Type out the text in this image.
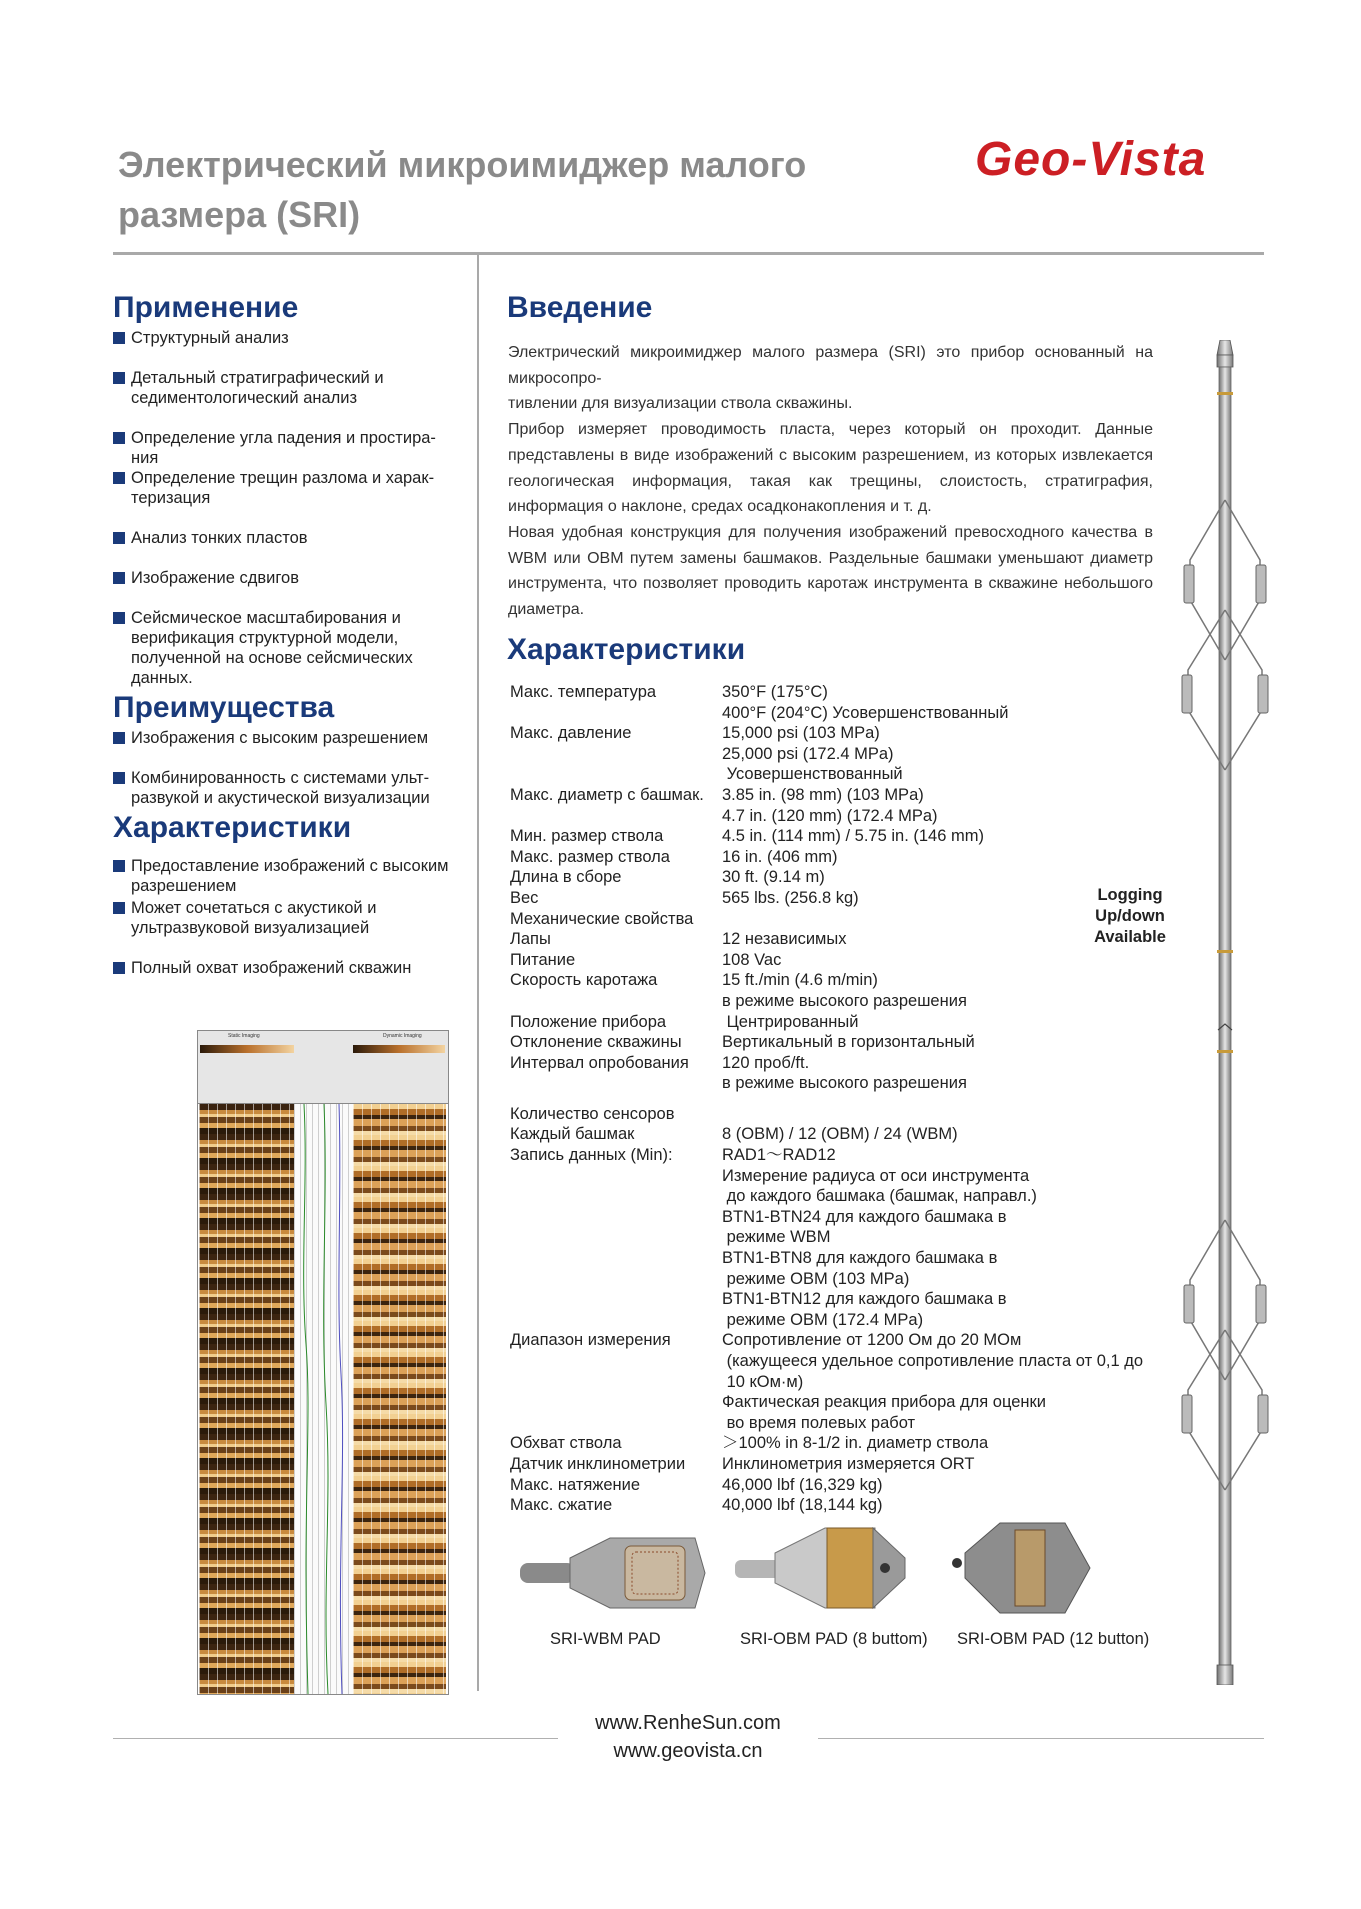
Электрический микроимиджер малого
размера (SRI)
Geo-Vista
Применение
Структурный анализ
Детальный стратиграфический и седиментологический анализ
Определение угла падения и простира-
ния
Определение трещин разлома и харак-
теризация
Анализ тонких пластов
Изображение сдвигов
Сейсмическое масштабирования и верификация структурной модели, полученной на основе сейсмических данных.
Преимущества
Изображения с высоким разрешением
Комбинированность с системами ульт-
развукой и акустической визуализации
Характеристики
Предоставление изображений с высоким разрешением
Может сочетаться с акустикой и ультразвуковой визуализацией
Полный охват изображений скважин
Static Imaging	Dynamic Imaging
Введение

Электрический микроимиджер малого размера (SRI) это прибор основанный на микросопро-
тивлении для визуализации ствола скважины.
Прибор измеряет проводимость пласта, через который он проходит. Данные представлены в виде изображений с высоким разрешением, из которых извлекается геологическая информация, такая как трещины, слоистость, стратиграфия, информация о наклоне, средах осадконакопления и т. д.
Новая удобная конструкция для получения изображений превосходного качества в WBM или OBM путем замены башмаков. Раздельные башмаки уменьшают диаметр инструмента, что позволяет проводить каротаж инструмента в скважине небольшого диаметра.

Характеристики
Макс. температура	350°F (175°C)
400°F (204°C) Усовершенствованный
Макс. давление	15,000 psi (103 MPa)
25,000 psi (172.4 MPa)
Усовершенствованный
Макс. диаметр с башмак.	3.85 in. (98 mm) (103 MPa)
4.7 in. (120 mm) (172.4 MPa)
Мин. размер ствола	4.5 in. (114 mm) / 5.75 in. (146 mm)
Макс. размер ствола	16 in. (406 mm)
Длина в сборе	30 ft. (9.14 m)
Вес	565 lbs. (256.8 kg)
Механические свойства
Лапы	12 независимых
Питание	108 Vac
Скорость каротажа	15 ft./min (4.6 m/min)
в режиме высокого разрешения
Положение прибора	Центрированный
Отклонение скважины	Вертикальный в горизонтальный
Интервал опробования	120 проб/ft.
в режиме высокого разрешения
Количество сенсоров
Каждый башмак	8 (OBM) / 12 (OBM) / 24 (WBM)
Запись данных (Min):	RAD1～RAD12
Измерение радиуса от оси инструмента
до каждого башмака (башмак, направл.)
BTN1-BTN24 для каждого башмака в
режиме WBM
BTN1-BTN8 для каждого башмака в
режиме OBM (103 MPa)
BTN1-BTN12 для каждого башмака в
режиме OBM (172.4 MPa)
Диапазон измерения	Сопротивление от 1200 Ом до 20 МОм
(кажущееся удельное сопротивление пласта от 0,1 до
10 кОм·м)
Фактическая реакция прибора для оценки
во время полевых работ
Обхват ствола	＞100% in 8-1/2 in. диаметр ствола
Датчик инклинометрии	Инклинометрия измеряется ORT
Макс. натяжение	46,000 lbf (16,329 kg)
Макс. сжатие	40,000 lbf (18,144 kg)
Logging
Up/down
Available
SRI-WBM PAD	SRI-OBM PAD (8 buttom) SRI-OBM PAD (12 button)
www.RenheSun.com
www.geovista.cn
